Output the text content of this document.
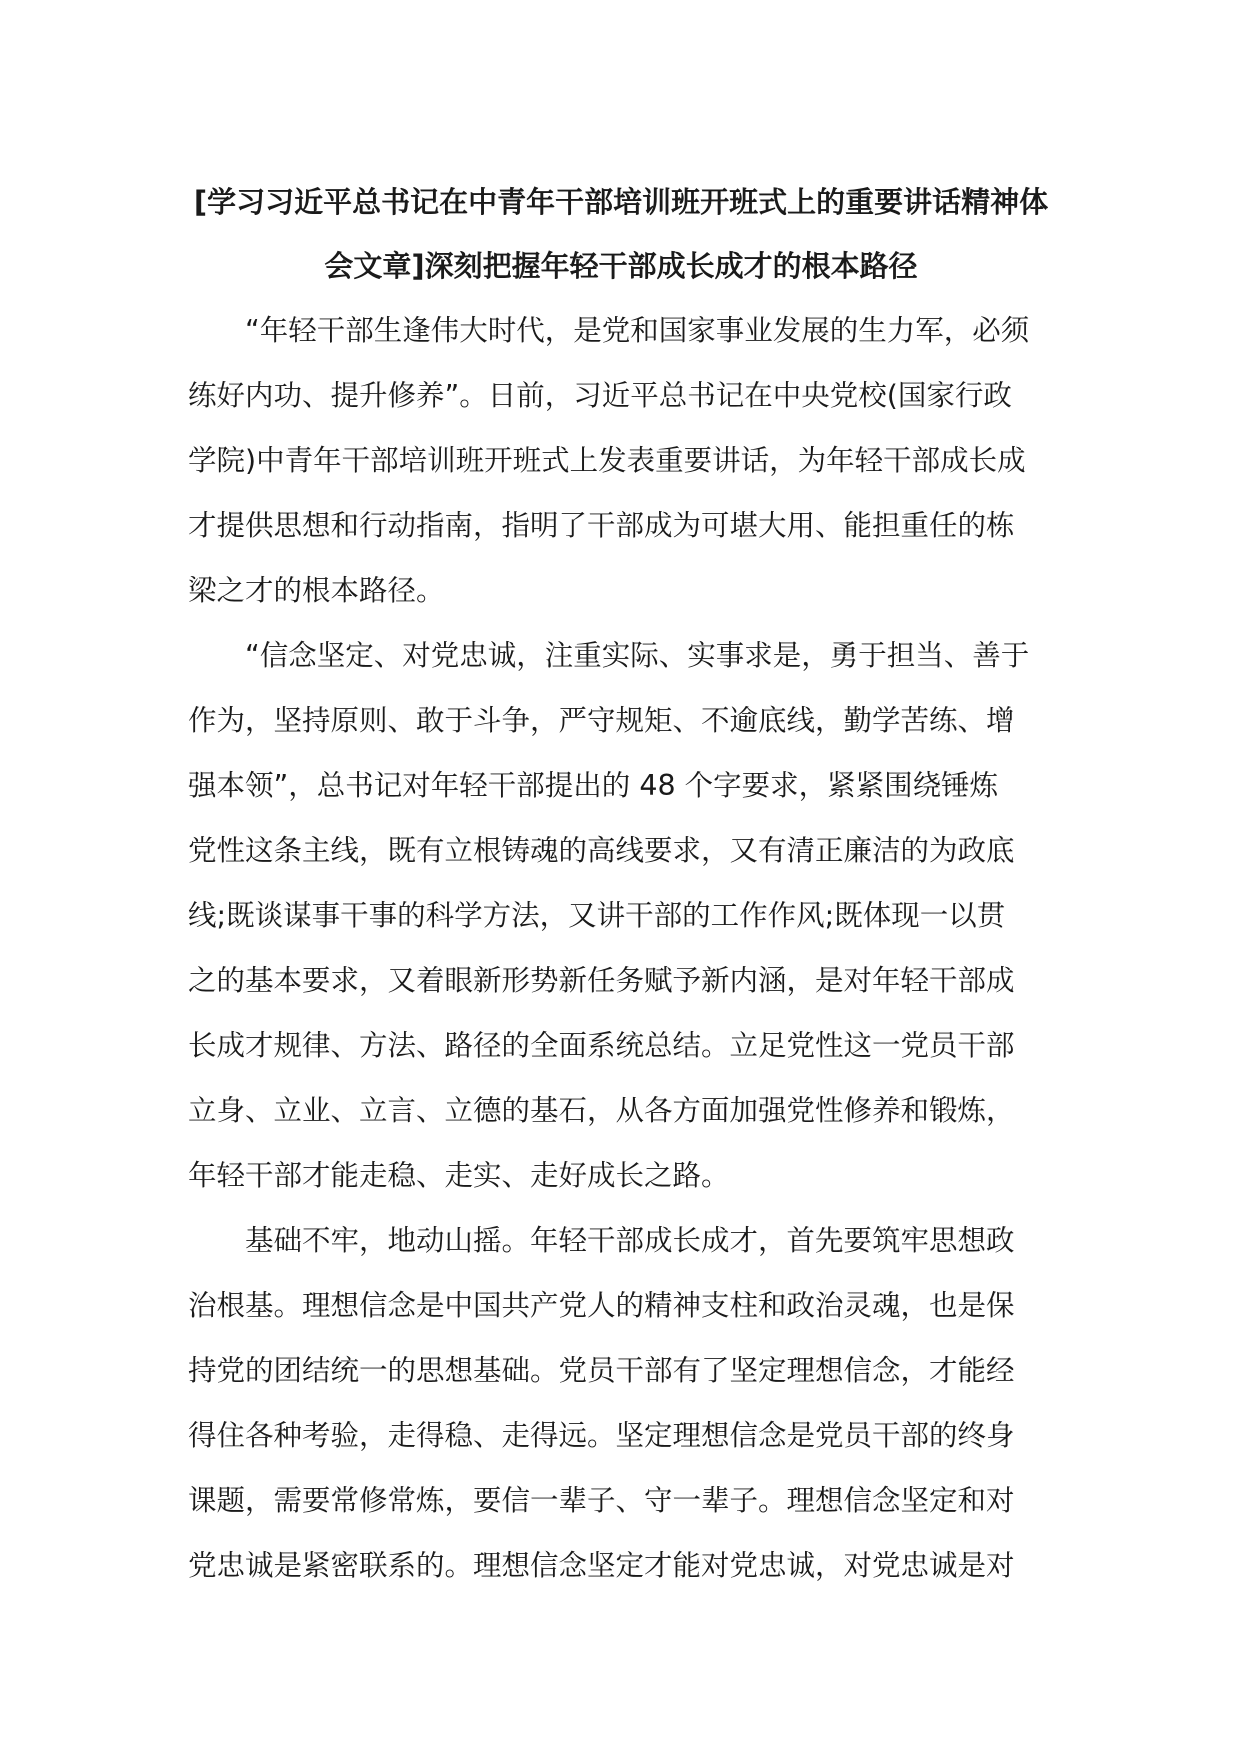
[学习习近平总书记在中青年干部培训班开班式上的重要讲话精神体
会文章]深刻把握年轻干部成长成才的根本路径

“年轻干部生逢伟大时代，是党和国家事业发展的生力军，必须
练好内功、提升修养”。日前，习近平总书记在中央党校(国家行政
学院)中青年干部培训班开班式上发表重要讲话，为年轻干部成长成
才提供思想和行动指南，指明了干部成为可堪大用、能担重任的栋
梁之才的根本路径。

“信念坚定、对党忠诚，注重实际、实事求是，勇于担当、善于
作为，坚持原则、敢于斗争，严守规矩、不逾底线，勤学苦练、增
强本领”，总书记对年轻干部提出的 48 个字要求，紧紧围绕锤炼
党性这条主线，既有立根铸魂的高线要求，又有清正廉洁的为政底
线;既谈谋事干事的科学方法，又讲干部的工作作风;既体现一以贯
之的基本要求，又着眼新形势新任务赋予新内涵，是对年轻干部成
长成才规律、方法、路径的全面系统总结。立足党性这一党员干部
立身、立业、立言、立德的基石，从各方面加强党性修养和锻炼，
年轻干部才能走稳、走实、走好成长之路。

基础不牢，地动山摇。年轻干部成长成才，首先要筑牢思想政
治根基。理想信念是中国共产党人的精神支柱和政治灵魂，也是保
持党的团结统一的思想基础。党员干部有了坚定理想信念，才能经
得住各种考验，走得稳、走得远。坚定理想信念是党员干部的终身
课题，需要常修常炼，要信一辈子、守一辈子。理想信念坚定和对
党忠诚是紧密联系的。理想信念坚定才能对党忠诚，对党忠诚是对
